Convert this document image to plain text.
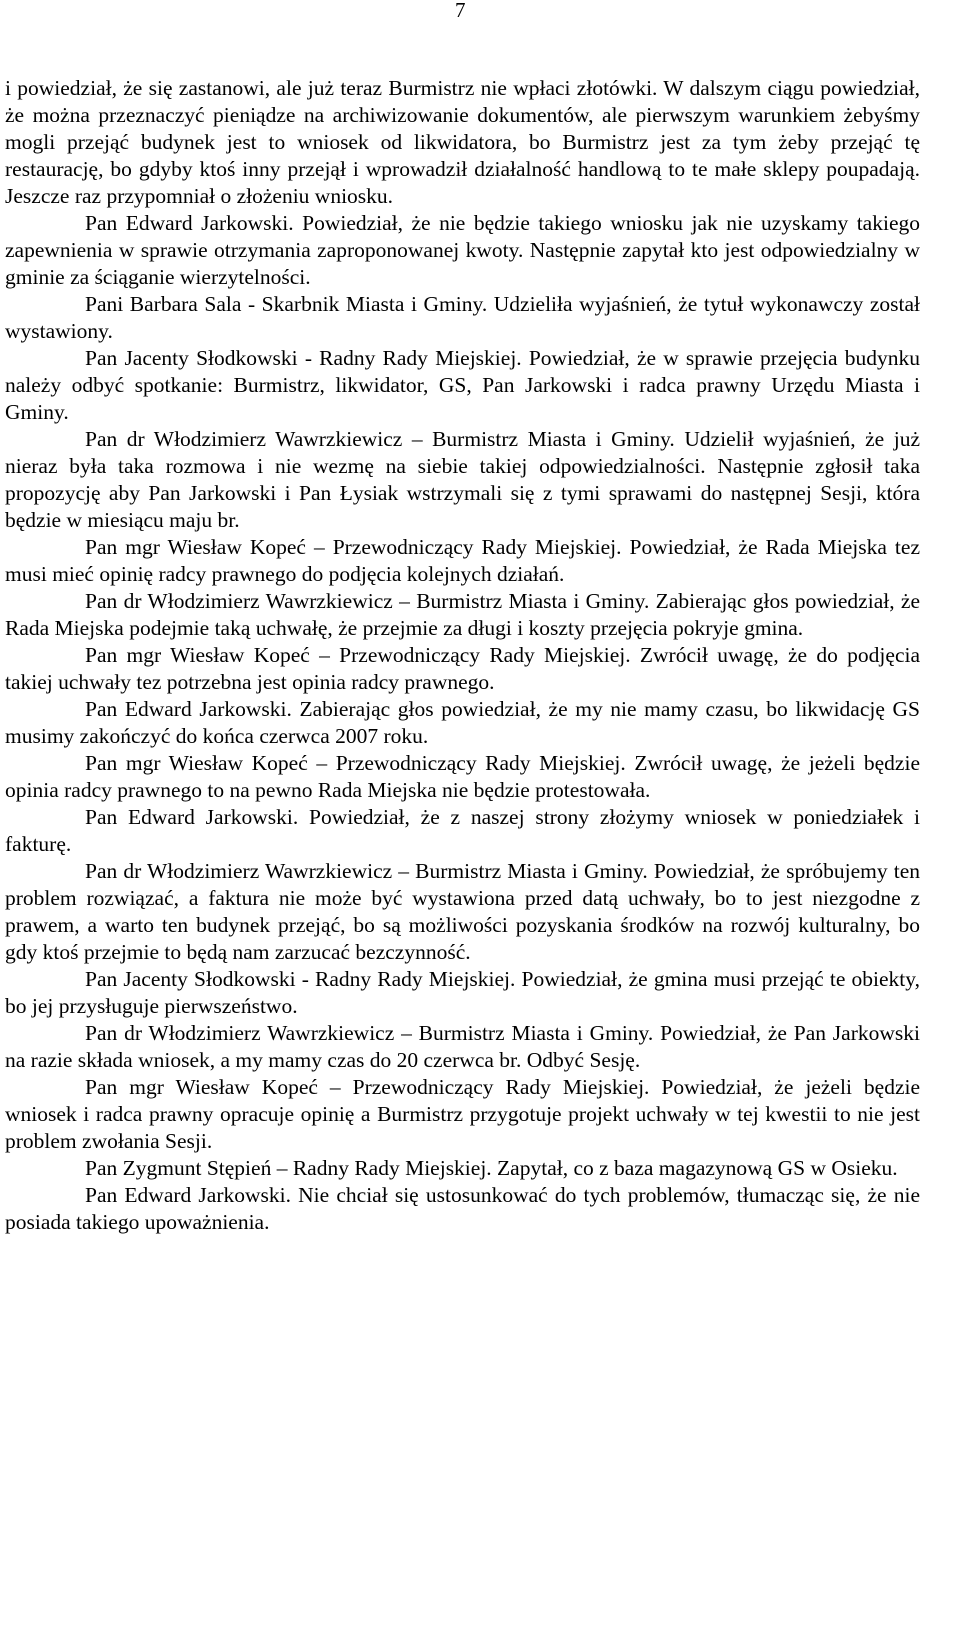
7

i powiedział, że się zastanowi, ale już teraz Burmistrz nie wpłaci złotówki. W dalszym ciągu powiedział, że można przeznaczyć pieniądze na archiwizowanie dokumentów, ale pierwszym warunkiem żebyśmy mogli przejąć budynek jest to wniosek od likwidatora, bo Burmistrz jest za tym żeby przejąć tę restaurację, bo gdyby ktoś inny przejął i wprowadził działalność handlową to te małe sklepy poupadają. Jeszcze raz przypomniał o złożeniu wniosku.

Pan Edward Jarkowski. Powiedział, że nie będzie takiego wniosku jak nie uzyskamy takiego zapewnienia w sprawie otrzymania zaproponowanej kwoty. Następnie zapytał kto jest odpowiedzialny w gminie za ściąganie wierzytelności.

Pani Barbara Sala - Skarbnik Miasta i Gminy. Udzieliła wyjaśnień, że tytuł wykonawczy został wystawiony.

Pan Jacenty Słodkowski - Radny Rady Miejskiej. Powiedział, że w sprawie przejęcia budynku należy odbyć spotkanie: Burmistrz, likwidator, GS, Pan Jarkowski i radca prawny Urzędu Miasta i Gminy.

Pan dr Włodzimierz Wawrzkiewicz – Burmistrz Miasta i Gminy. Udzielił wyjaśnień, że już nieraz była taka rozmowa i nie wezmę na siebie takiej odpowiedzialności. Następnie zgłosił taka propozycję aby Pan Jarkowski i Pan Łysiak wstrzymali się z tymi sprawami do następnej Sesji, która będzie w miesiącu maju br.

Pan mgr Wiesław Kopeć – Przewodniczący Rady Miejskiej. Powiedział, że Rada Miejska tez musi mieć opinię radcy prawnego do podjęcia kolejnych działań.

Pan dr Włodzimierz Wawrzkiewicz – Burmistrz Miasta i Gminy. Zabierając głos powiedział, że Rada Miejska podejmie taką uchwałę, że przejmie za długi i koszty przejęcia pokryje gmina.

Pan mgr Wiesław Kopeć – Przewodniczący Rady Miejskiej. Zwrócił uwagę, że do podjęcia takiej uchwały tez potrzebna jest opinia radcy prawnego.

Pan Edward Jarkowski. Zabierając głos powiedział, że my nie mamy czasu, bo likwidację GS musimy zakończyć do końca czerwca 2007 roku.

Pan mgr Wiesław Kopeć – Przewodniczący Rady Miejskiej. Zwrócił uwagę, że jeżeli będzie opinia radcy prawnego to na pewno Rada Miejska nie będzie protestowała.

Pan Edward Jarkowski. Powiedział, że z naszej strony złożymy wniosek w poniedziałek i fakturę.

Pan dr Włodzimierz Wawrzkiewicz – Burmistrz Miasta i Gminy. Powiedział, że spróbujemy ten problem rozwiązać, a faktura nie może być wystawiona przed datą uchwały, bo to jest niezgodne z prawem, a warto ten budynek przejąć, bo są możliwości pozyskania środków na rozwój kulturalny, bo gdy ktoś przejmie to będą nam zarzucać bezczynność.

Pan Jacenty Słodkowski - Radny Rady Miejskiej. Powiedział, że gmina musi przejąć te obiekty, bo jej przysługuje pierwszeństwo.

Pan dr Włodzimierz Wawrzkiewicz – Burmistrz Miasta i Gminy. Powiedział, że Pan Jarkowski na razie składa wniosek, a my mamy czas do 20 czerwca br. Odbyć Sesję.

Pan mgr Wiesław Kopeć – Przewodniczący Rady Miejskiej. Powiedział, że jeżeli będzie wniosek i radca prawny opracuje opinię a Burmistrz przygotuje projekt uchwały w tej kwestii to nie jest problem zwołania Sesji.

Pan Zygmunt Stępień – Radny Rady Miejskiej. Zapytał, co z baza magazynową GS w Osieku.

Pan Edward Jarkowski. Nie chciał się ustosunkować do tych problemów, tłumacząc się, że nie posiada takiego upoważnienia.
